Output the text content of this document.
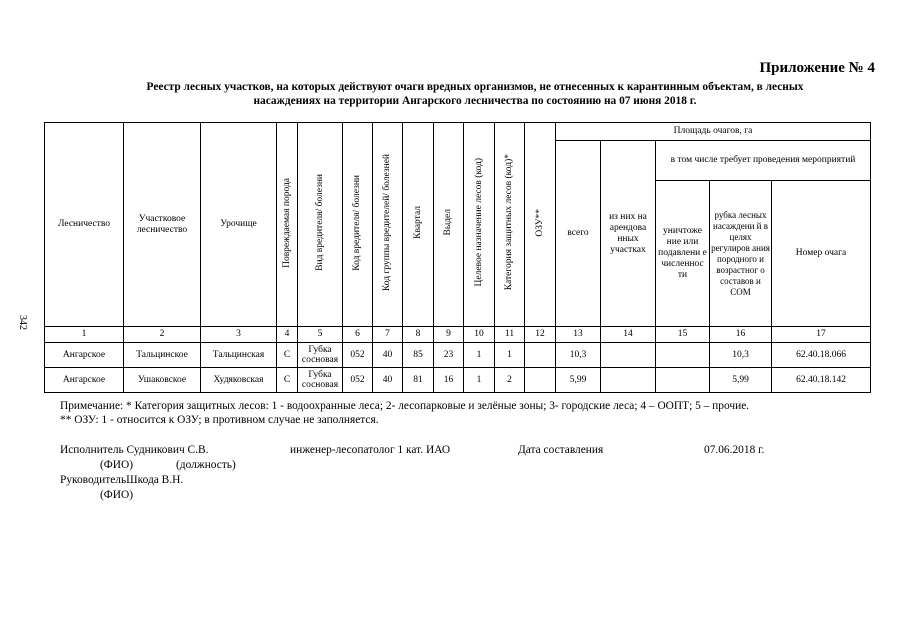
Приложение № 4
Реестр лесных участков, на которых действуют очаги вредных организмов, не отнесенных к карантинным объектам, в лесных
насаждениях на территории Ангарского лесничества по состоянию на 07 июня 2018 г.
342
Лесничество	Участковое лесничество	Урочище	Повреждаемая порода	Вид вредителя/ болезни	Код вредителя/ болезни	Код группы вредителей/ болезней	Квартал	Выдел	Целевое назначение лесов (код)	Категория защитных лесов (код)*	ОЗУ**	Площадь очагов, га				
												всего	из них на арендова нных участках	в том числе требует проведения мероприятий		
														уничтоже ние или подавлени е численнос ти	рубка лесных насаждени й в целях регулиров ания породного и возрастног о составов и СОМ	Номер очага
1	2	3	4	5	6	7	8	9	10	11	12	13	14	15	16	17
Ангарское	Тальцинское	Тальцинская	С	Губка сосновая	052	40	85	23	1	1		10,3			10,3	62.40.18.066
Ангарское	Ушаковское	Худяковская	С	Губка сосновая	052	40	81	16	1	2		5,99			5,99	62.40.18.142
Примечание: * Категория защитных лесов: 1 - водоохранные леса; 2- лесопарковые и зелёные зоны; 3- городские леса; 4 – ООПТ; 5 – прочие.
** ОЗУ: 1 - относится к ОЗУ; в противном случае не заполняется.
Исполнитель Судникович С.В.	инженер-лесопатолог 1 кат. ИАО	Дата составления	07.06.2018 г.
(ФИО)	(должность)
РуководительШкода В.Н.
(ФИО)
